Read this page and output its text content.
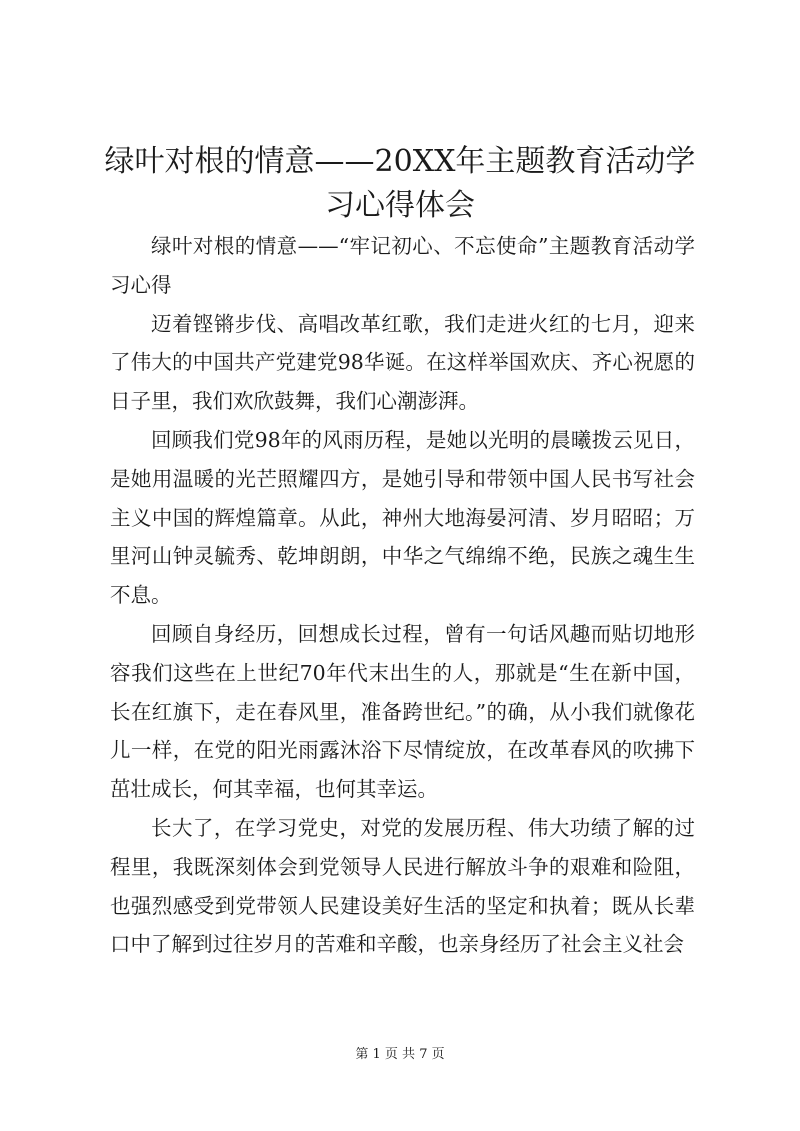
绿叶对根的情意——20XX年主题教育活动学习心得体会

绿叶对根的情意——“牢记初心、不忘使命”主题教育活动学习心得

迈着铿锵步伐、高唱改革红歌，我们走进火红的七月，迎来了伟大的中国共产党建党98华诞。在这样举国欢庆、齐心祝愿的日子里，我们欢欣鼓舞，我们心潮澎湃。

回顾我们党98年的风雨历程，是她以光明的晨曦拨云见日，是她用温暖的光芒照耀四方，是她引导和带领中国人民书写社会主义中国的辉煌篇章。从此，神州大地海晏河清、岁月昭昭；万里河山钟灵毓秀、乾坤朗朗，中华之气绵绵不绝，民族之魂生生不息。

回顾自身经历，回想成长过程，曾有一句话风趣而贴切地形容我们这些在上世纪70年代末出生的人，那就是“生在新中国，长在红旗下，走在春风里，准备跨世纪。”的确，从小我们就像花儿一样，在党的阳光雨露沐浴下尽情绽放，在改革春风的吹拂下茁壮成长，何其幸福，也何其幸运。

长大了，在学习党史，对党的发展历程、伟大功绩了解的过程里，我既深刻体会到党领导人民进行解放斗争的艰难和险阻，也强烈感受到党带领人民建设美好生活的坚定和执着；既从长辈口中了解到过往岁月的苦难和辛酸，也亲身经历了社会主义社会

第 1 页 共 7 页
